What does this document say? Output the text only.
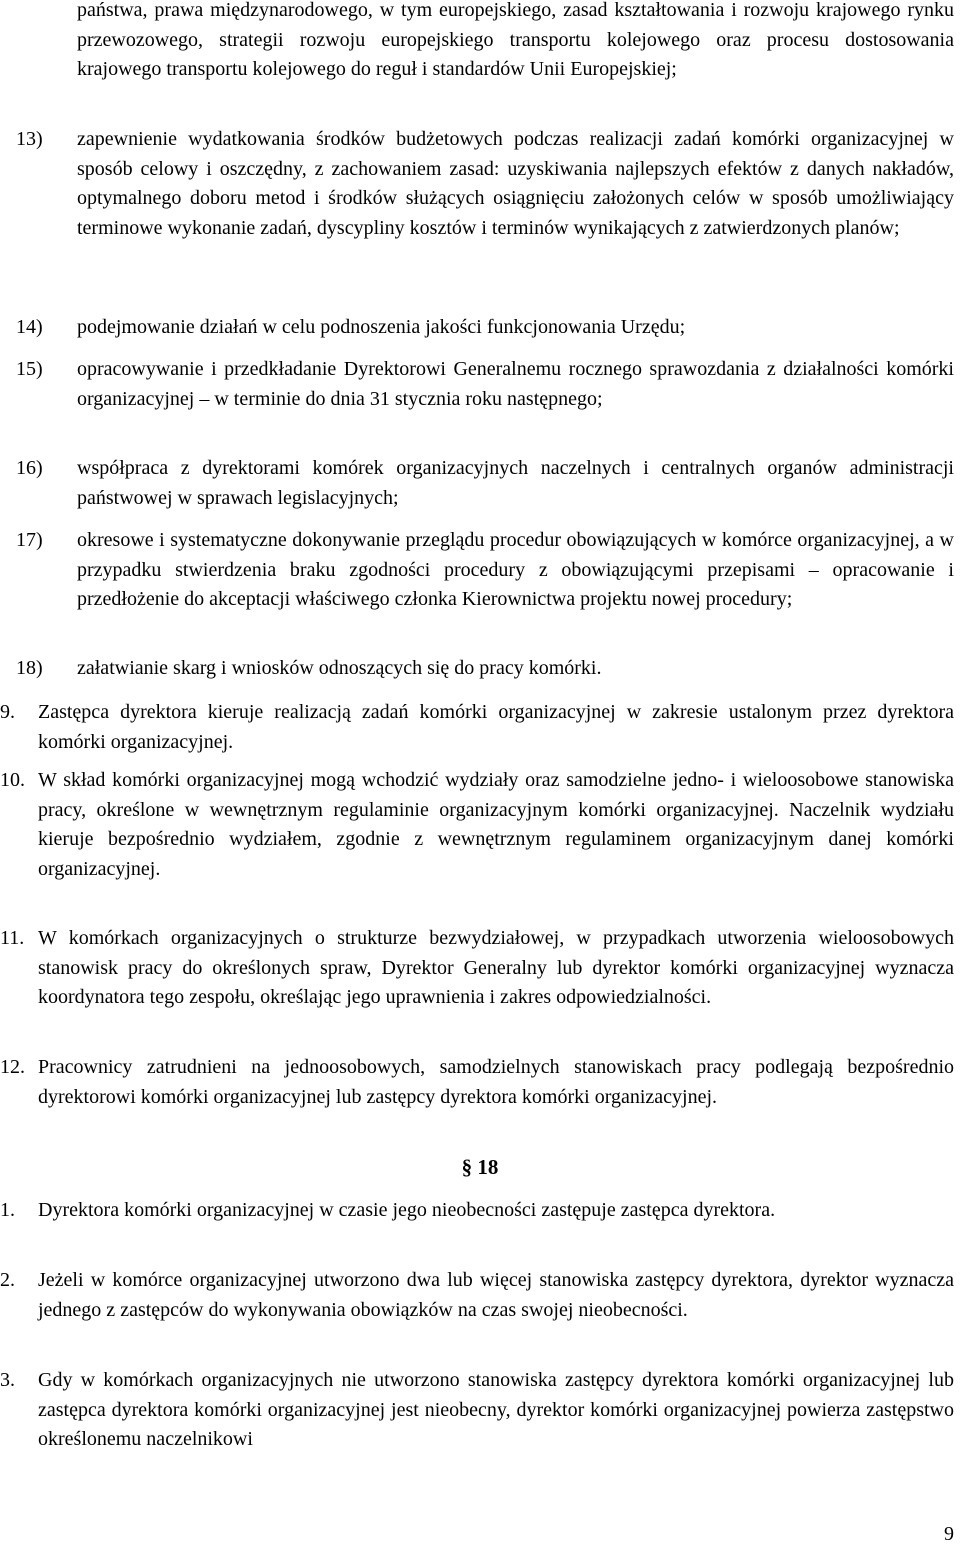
państwa, prawa międzynarodowego, w tym europejskiego, zasad kształtowania i rozwoju krajowego rynku przewozowego, strategii rozwoju europejskiego transportu kolejowego oraz procesu dostosowania krajowego transportu kolejowego do reguł i standardów Unii Europejskiej;
13)	zapewnienie wydatkowania środków budżetowych podczas realizacji zadań komórki organizacyjnej w sposób celowy i oszczędny, z zachowaniem zasad: uzyskiwania najlepszych efektów z danych nakładów, optymalnego doboru metod i środków służących osiągnięciu założonych celów w sposób umożliwiający terminowe wykonanie zadań, dyscypliny kosztów i terminów wynikających z zatwierdzonych planów;
14)	podejmowanie działań w celu podnoszenia jakości funkcjonowania Urzędu;
15)	opracowywanie i przedkładanie Dyrektorowi Generalnemu rocznego sprawozdania z działalności komórki organizacyjnej – w terminie do dnia 31 stycznia roku następnego;
16)	współpraca z dyrektorami komórek organizacyjnych naczelnych i centralnych organów administracji państwowej w sprawach legislacyjnych;
17)	okresowe i systematyczne dokonywanie przeglądu procedur obowiązujących w komórce organizacyjnej, a w przypadku stwierdzenia braku zgodności procedury z obowiązującymi przepisami – opracowanie i przedłożenie do akceptacji właściwego członka Kierownictwa projektu nowej procedury;
18)	załatwianie skarg i wniosków odnoszących się do pracy komórki.
9.	Zastępca dyrektora kieruje realizacją zadań komórki organizacyjnej w zakresie ustalonym przez dyrektora komórki organizacyjnej.
10. W skład komórki organizacyjnej mogą wchodzić wydziały oraz samodzielne jedno- i wieloosobowe stanowiska pracy, określone w wewnętrznym regulaminie organizacyjnym komórki organizacyjnej. Naczelnik wydziału kieruje bezpośrednio wydziałem, zgodnie z wewnętrznym regulaminem organizacyjnym danej komórki organizacyjnej.
11. W komórkach organizacyjnych o strukturze bezwydziałowej, w przypadkach utworzenia wieloosobowych stanowisk pracy do określonych spraw, Dyrektor Generalny lub dyrektor komórki organizacyjnej wyznacza koordynatora tego zespołu, określając jego uprawnienia i zakres odpowiedzialności.
12. Pracownicy zatrudnieni na jednoosobowych, samodzielnych stanowiskach pracy podlegają bezpośrednio dyrektorowi komórki organizacyjnej lub zastępcy dyrektora komórki organizacyjnej.
§ 18
1.	Dyrektora komórki organizacyjnej w czasie jego nieobecności zastępuje zastępca dyrektora.
2.	Jeżeli w komórce organizacyjnej utworzono dwa lub więcej stanowiska zastępcy dyrektora, dyrektor wyznacza jednego z zastępców do wykonywania obowiązków na czas swojej nieobecności.
3.	Gdy w komórkach organizacyjnych nie utworzono stanowiska zastępcy dyrektora komórki organizacyjnej lub zastępca dyrektora komórki organizacyjnej jest nieobecny, dyrektor komórki organizacyjnej powierza zastępstwo określonemu naczelnikowi
9
